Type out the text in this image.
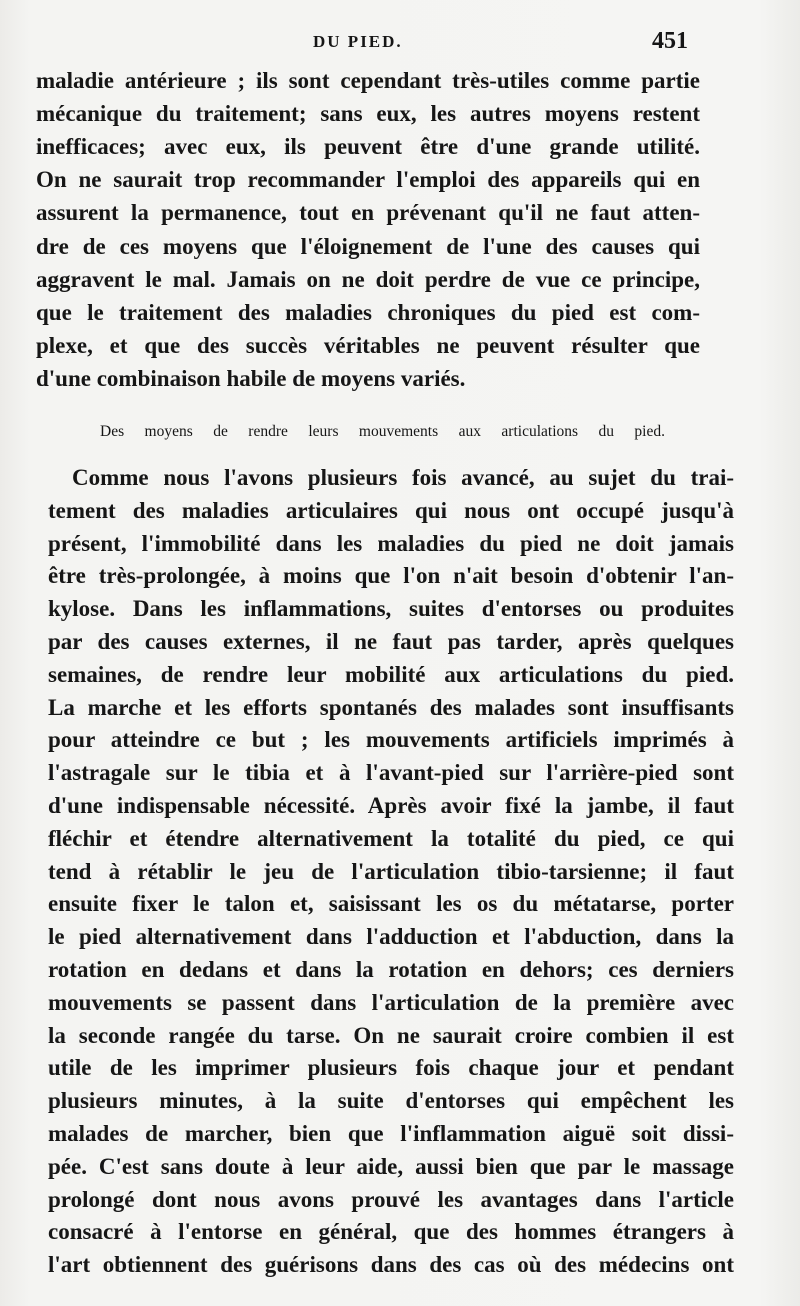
DU PIED.	451
maladie antérieure ; ils sont cependant très-utiles comme partie
mécanique du traitement; sans eux, les autres moyens restent
inefficaces; avec eux, ils peuvent être d'une grande utilité.
On ne saurait trop recommander l'emploi des appareils qui en
assurent la permanence, tout en prévenant qu'il ne faut atten-
dre de ces moyens que l'éloignement de l'une des causes qui
aggravent le mal. Jamais on ne doit perdre de vue ce principe,
que le traitement des maladies chroniques du pied est com-
plexe, et que des succès véritables ne peuvent résulter que
d'une combinaison habile de moyens variés.
Des moyens de rendre leurs mouvements aux articulations du pied.
Comme nous l'avons plusieurs fois avancé, au sujet du trai-
tement des maladies articulaires qui nous ont occupé jusqu'à
présent, l'immobilité dans les maladies du pied ne doit jamais
être très-prolongée, à moins que l'on n'ait besoin d'obtenir l'an-
kylose. Dans les inflammations, suites d'entorses ou produites
par des causes externes, il ne faut pas tarder, après quelques
semaines, de rendre leur mobilité aux articulations du pied.
La marche et les efforts spontanés des malades sont insuffisants
pour atteindre ce but ; les mouvements artificiels imprimés à
l'astragale sur le tibia et à l'avant-pied sur l'arrière-pied sont
d'une indispensable nécessité. Après avoir fixé la jambe, il faut
fléchir et étendre alternativement la totalité du pied, ce qui
tend à rétablir le jeu de l'articulation tibio-tarsienne; il faut
ensuite fixer le talon et, saisissant les os du métatarse, porter
le pied alternativement dans l'adduction et l'abduction, dans la
rotation en dedans et dans la rotation en dehors; ces derniers
mouvements se passent dans l'articulation de la première avec
la seconde rangée du tarse. On ne saurait croire combien il est
utile de les imprimer plusieurs fois chaque jour et pendant
plusieurs minutes, à la suite d'entorses qui empêchent les
malades de marcher, bien que l'inflammation aiguë soit dissi-
pée. C'est sans doute à leur aide, aussi bien que par le massage
prolongé dont nous avons prouvé les avantages dans l'article
consacré à l'entorse en général, que des hommes étrangers à
l'art obtiennent des guérisons dans des cas où des médecins ont
